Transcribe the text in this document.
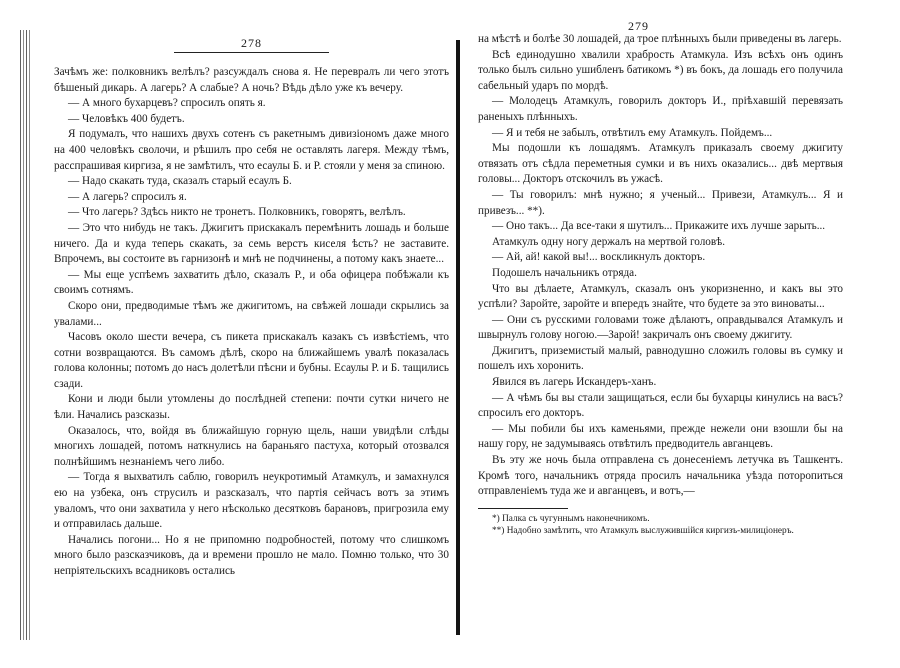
278

Зачѣмъ же: полковникъ велѣлъ? разсуждалъ снова я. Не перевралъ ли чего этотъ бѣшеный дикарь. А лагерь? А слабые? А ночь? Вѣдь дѣло уже къ вечеру.

— А много бухарцевъ? спросилъ опять я.

— Человѣкъ 400 будетъ.

Я подумалъ, что нашихъ двухъ сотенъ съ ракетнымъ дивизіономъ даже много на 400 человѣкъ сволочи, и рѣшилъ про себя не оставлять лагеря. Между тѣмъ, расспрашивая киргиза, я не замѣтилъ, что есаулы Б. и Р. стояли у меня за спиною.

— Надо скакать туда, сказалъ старый есаулъ Б.

— А лагерь? спросилъ я.

— Что лагерь? Здѣсь никто не тронетъ. Полковникъ, говорятъ, велѣлъ.

— Это что нибудь не такъ. Джигитъ прискакалъ перемѣнить лошадь и больше ничего. Да и куда теперь скакать, за семь верстъ киселя ѣсть? не заставите. Впрочемъ, вы состоите въ гарнизонѣ и мнѣ не подчинены, а потому какъ знаете...

— Мы еще успѣемъ захватить дѣло, сказалъ Р., и оба офицера побѣжали къ своимъ сотнямъ.

Скоро они, предводимые тѣмъ же джигитомъ, на свѣжей лошади скрылись за увалами...

Часовъ около шести вечера, съ пикета прискакалъ казакъ съ извѣстіемъ, что сотни возвращаются. Въ самомъ дѣлѣ, скоро на ближайшемъ увалѣ показалась голова колонны; потомъ до насъ долетѣли пѣсни и бубны. Есаулы Р. и Б. тащились сзади.

Кони и люди были утомлены до послѣдней степени: почти сутки ничего не ѣли. Начались разсказы.

Оказалось, что, войдя въ ближайшую горную щель, наши увидѣли слѣды многихъ лошадей, потомъ наткнулись на бараньяго пастуха, который отозвался полнѣйшимъ незнаніемъ чего либо.

— Тогда я выхватилъ саблю, говорилъ неукротимый Атамкулъ, и замахнулся ею на узбека, онъ струсилъ и разсказалъ, что партія сейчасъ вотъ за этимъ уваломъ, что они захватила у него нѣсколько десятковъ барановъ, пригрозила ему и отправилась дальше.

Начались погони... Но я не припомню подробностей, потому что слишкомъ много было разсказчиковъ, да и времени прошло не мало. Помню только, что 30 непріятельскихъ всадниковъ остались

279

на мѣстѣ и болѣе 30 лошадей, да трое плѣнныхъ были приведены въ лагерь.

Всѣ единодушно хвалили храбрость Атамкула. Изъ всѣхъ онъ одинъ только былъ сильно ушибленъ батикомъ *) въ бокъ, да лошадь его получила сабельный ударъ по мордѣ.

— Молодецъ Атамкулъ, говорилъ докторъ И., пріѣхавшій перевязать раненыхъ плѣнныхъ.

— Я и тебя не забылъ, отвѣтилъ ему Атамкулъ. Пойдемъ...

Мы подошли къ лошадямъ. Атамкулъ приказалъ своему джигиту отвязать отъ сѣдла переметныя сумки и въ нихъ оказались... двѣ мертвыя головы... Докторъ отскочилъ въ ужасѣ.

— Ты говорилъ: мнѣ нужно; я ученый... Привези, Атамкулъ... Я и привезъ... **).

— Оно такъ... Да все-таки я шутилъ... Прикажите ихъ лучше зарыть...

Атамкулъ одну ногу держалъ на мертвой головѣ.

— Ай, ай! какой вы!... воскликнулъ докторъ.

Подошелъ начальникъ отряда.

Что вы дѣлаете, Атамкулъ, сказалъ онъ укоризненно, и какъ вы это успѣли? Заройте, заройте и впередъ знайте, что будете за это виноваты...

— Они съ русскими головами тоже дѣлаютъ, оправдывался Атамкулъ и швырнулъ голову ногою.—Зарой! закричалъ онъ своему джигиту.

Джигитъ, приземистый малый, равнодушно сложилъ головы въ сумку и пошелъ ихъ хоронить.

Явился въ лагерь Искандеръ-ханъ.

— А чѣмъ бы вы стали защищаться, если бы бухарцы кинулись на васъ? спросилъ его докторъ.

— Мы побили бы ихъ каменьями, прежде нежели они взошли бы на нашу гору, не задумываясь отвѣтилъ предводитель авганцевъ.

Въ эту же ночь была отправлена съ донесеніемъ летучка въ Ташкентъ. Кромѣ того, начальникъ отряда просилъ начальника уѣзда поторопиться отправленіемъ туда же и авганцевъ, и вотъ,—

*) Палка съ чугуннымъ наконечникомъ.

**) Надобно замѣтить, что Атамкулъ выслужившійся киргизъ-милиціонеръ.
